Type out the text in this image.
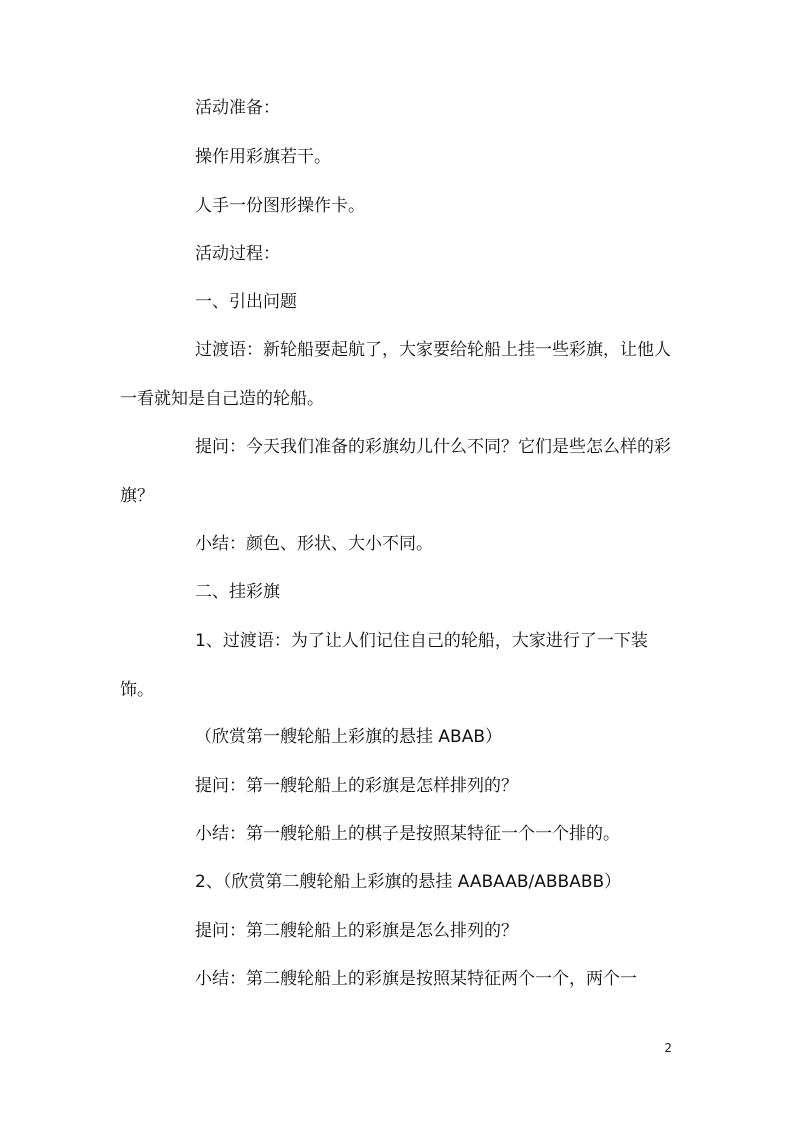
活动准备：

操作用彩旗若干。

人手一份图形操作卡。

活动过程：

一、引出问题

过渡语：新轮船要起航了，大家要给轮船上挂一些彩旗，让他人一看就知是自己造的轮船。

提问：今天我们准备的彩旗幼儿什么不同？它们是些怎么样的彩旗？

小结：颜色、形状、大小不同。

二、挂彩旗

1、过渡语：为了让人们记住自己的轮船，大家进行了一下装饰。

（欣赏第一艘轮船上彩旗的悬挂 ABAB）

提问：第一艘轮船上的彩旗是怎样排列的？

小结：第一艘轮船上的棋子是按照某特征一个一个排的。

2、（欣赏第二艘轮船上彩旗的悬挂 AABAAB/ABBABB）

提问：第二艘轮船上的彩旗是怎么排列的？

小结：第二艘轮船上的彩旗是按照某特征两个一个，两个一

2
